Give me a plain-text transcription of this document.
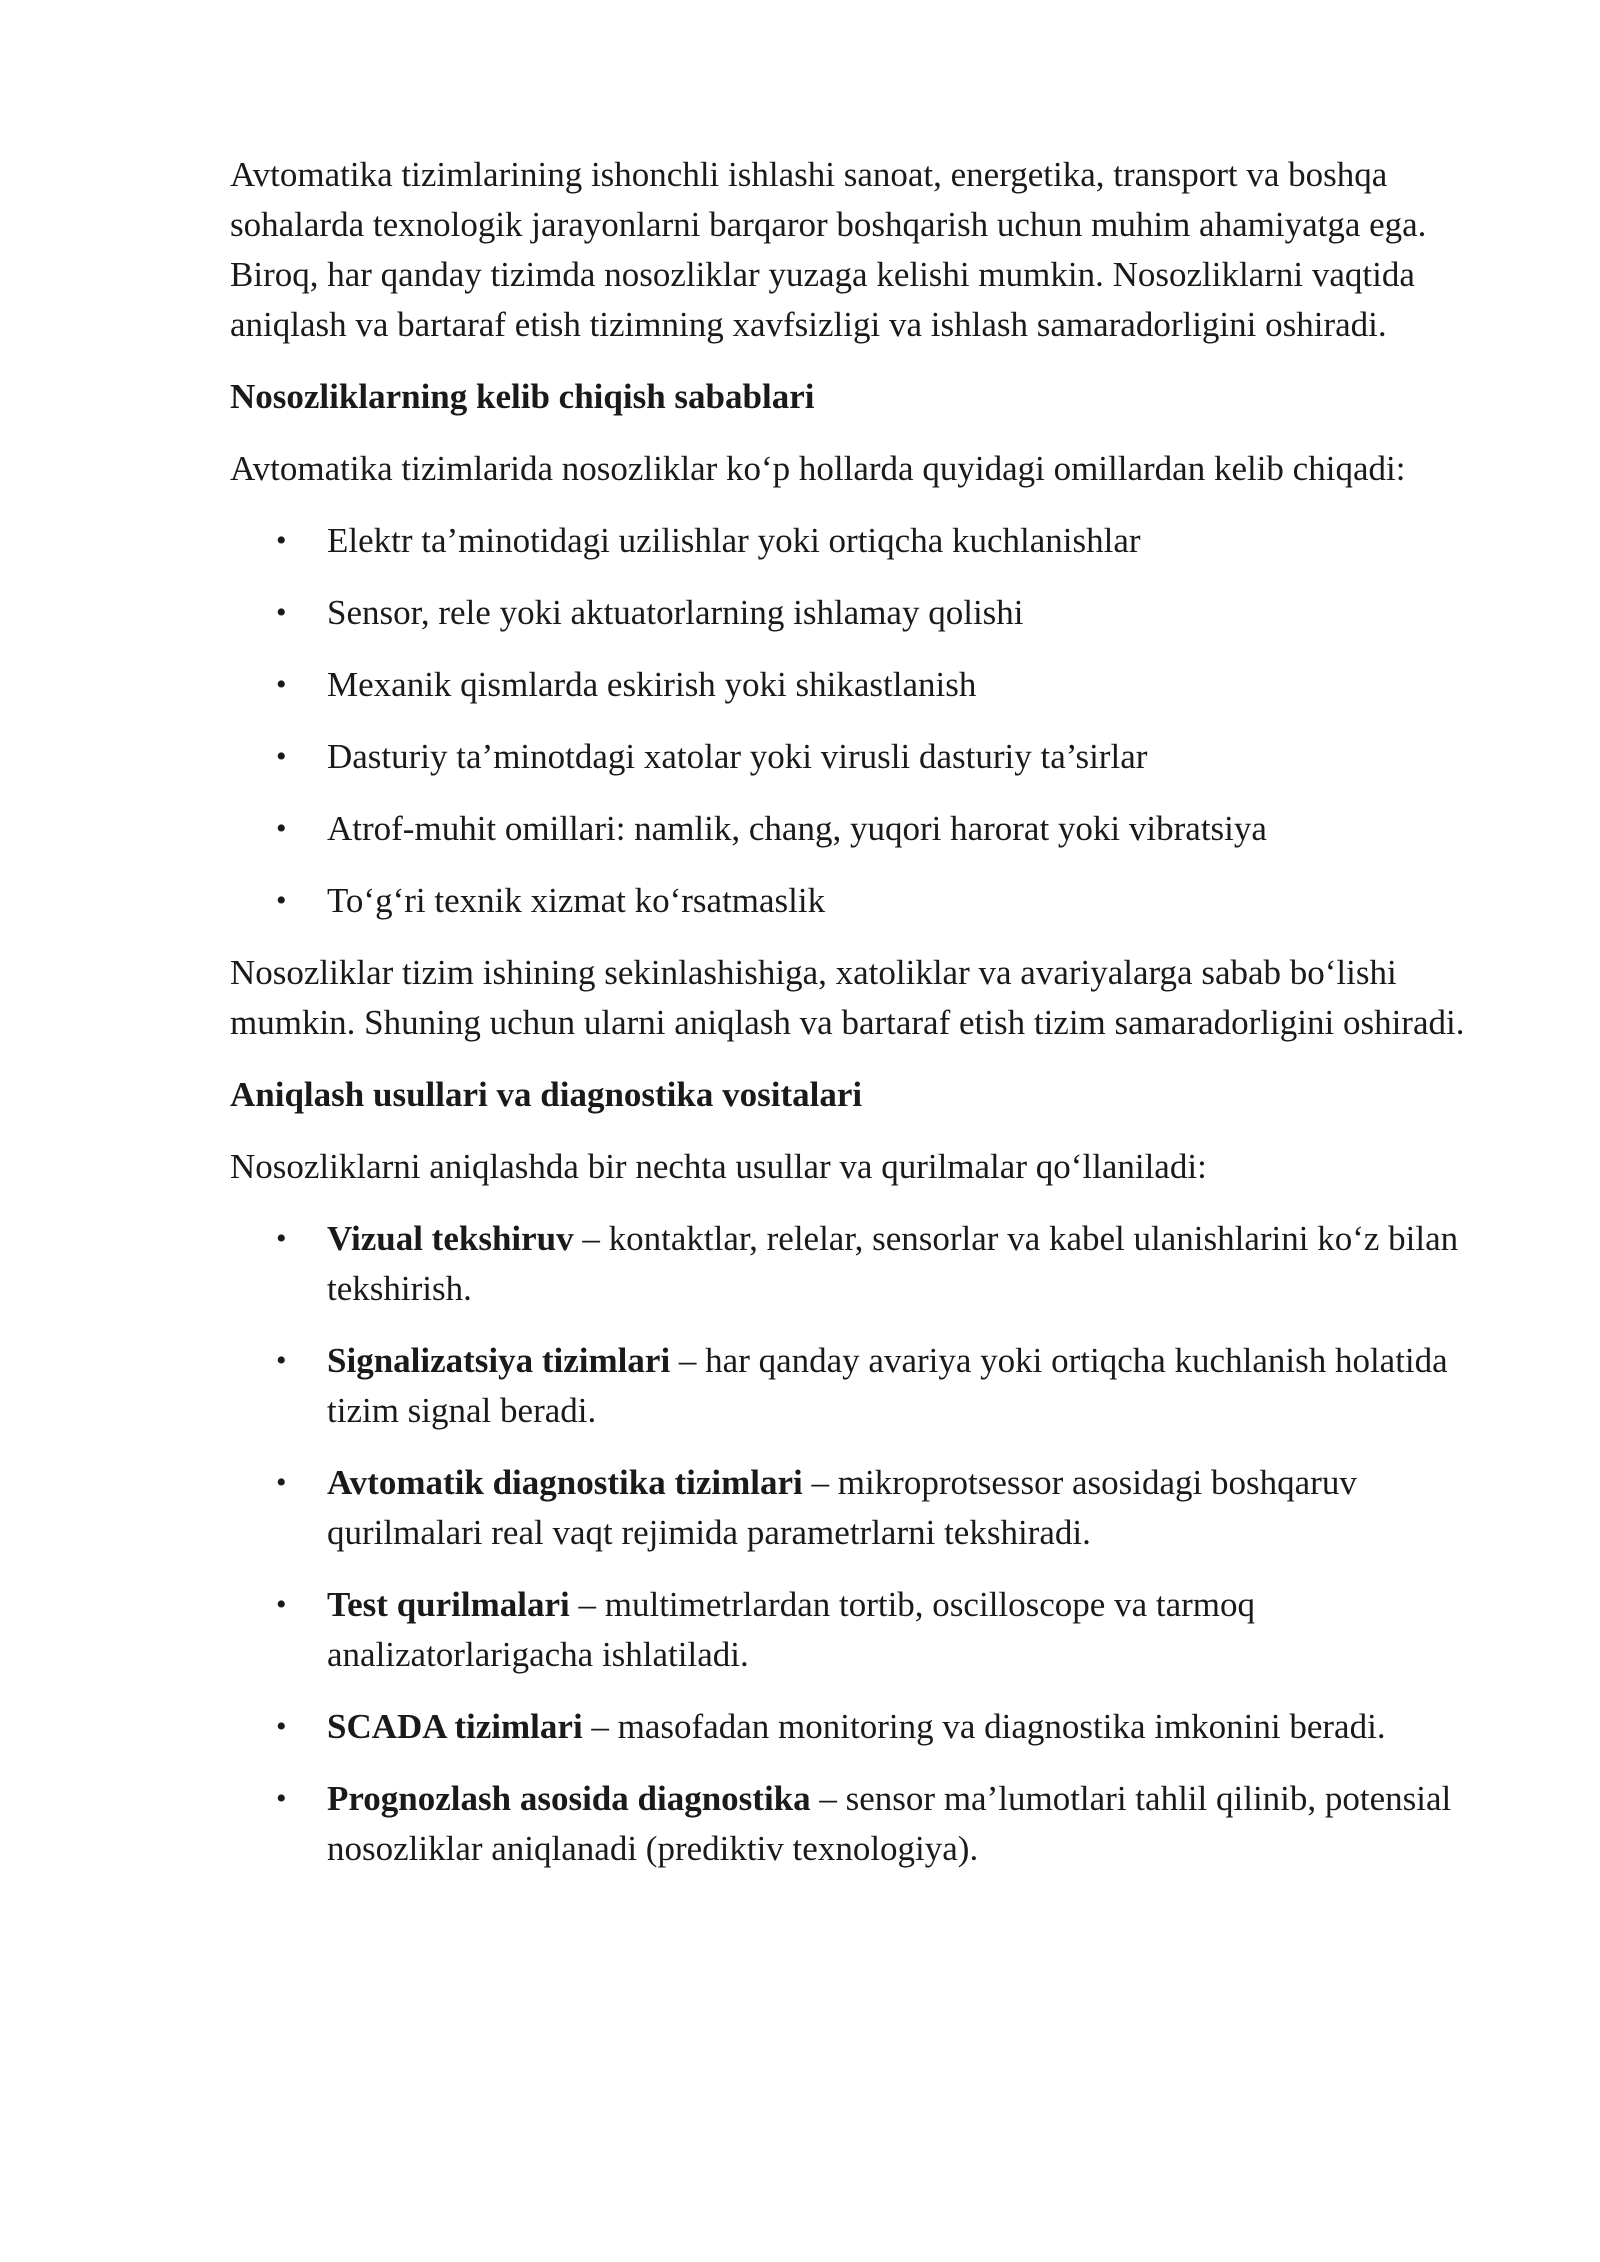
Avtomatika tizimlarining ishonchli ishlashi sanoat, energetika, transport va boshqa sohalarda texnologik jarayonlarni barqaror boshqarish uchun muhim ahamiyatga ega. Biroq, har qanday tizimda nosozliklar yuzaga kelishi mumkin. Nosozliklarni vaqtida aniqlash va bartaraf etish tizimning xavfsizligi va ishlash samaradorligini oshiradi.

Nosozliklarning kelib chiqish sabablari

Avtomatika tizimlarida nosozliklar ko‘p hollarda quyidagi omillardan kelib chiqadi:

• Elektr ta’minotidagi uzilishlar yoki ortiqcha kuchlanishlar
• Sensor, rele yoki aktuatorlarning ishlamay qolishi
• Mexanik qismlarda eskirish yoki shikastlanish
• Dasturiy ta’minotdagi xatolar yoki virusli dasturiy ta’sirlar
• Atrof-muhit omillari: namlik, chang, yuqori harorat yoki vibratsiya
• To‘g‘ri texnik xizmat ko‘rsatmaslik

Nosozliklar tizim ishining sekinlashishiga, xatoliklar va avariyalarga sabab bo‘lishi mumkin. Shuning uchun ularni aniqlash va bartaraf etish tizim samaradorligini oshiradi.

Aniqlash usullari va diagnostika vositalari

Nosozliklarni aniqlashda bir nechta usullar va qurilmalar qo‘llaniladi:

• Vizual tekshiruv – kontaktlar, relelar, sensorlar va kabel ulanishlarini ko‘z bilan tekshirish.
• Signalizatsiya tizimlari – har qanday avariya yoki ortiqcha kuchlanish holatida tizim signal beradi.
• Avtomatik diagnostika tizimlari – mikroprotsessor asosidagi boshqaruv qurilmalari real vaqt rejimida parametrlarni tekshiradi.
• Test qurilmalari – multimetrlardan tortib, oscilloscope va tarmoq analizatorlarigacha ishlatiladi.
• SCADA tizimlari – masofadan monitoring va diagnostika imkonini beradi.
• Prognozlash asosida diagnostika – sensor ma’lumotlari tahlil qilinib, potensial nosozliklar aniqlanadi (prediktiv texnologiya).
